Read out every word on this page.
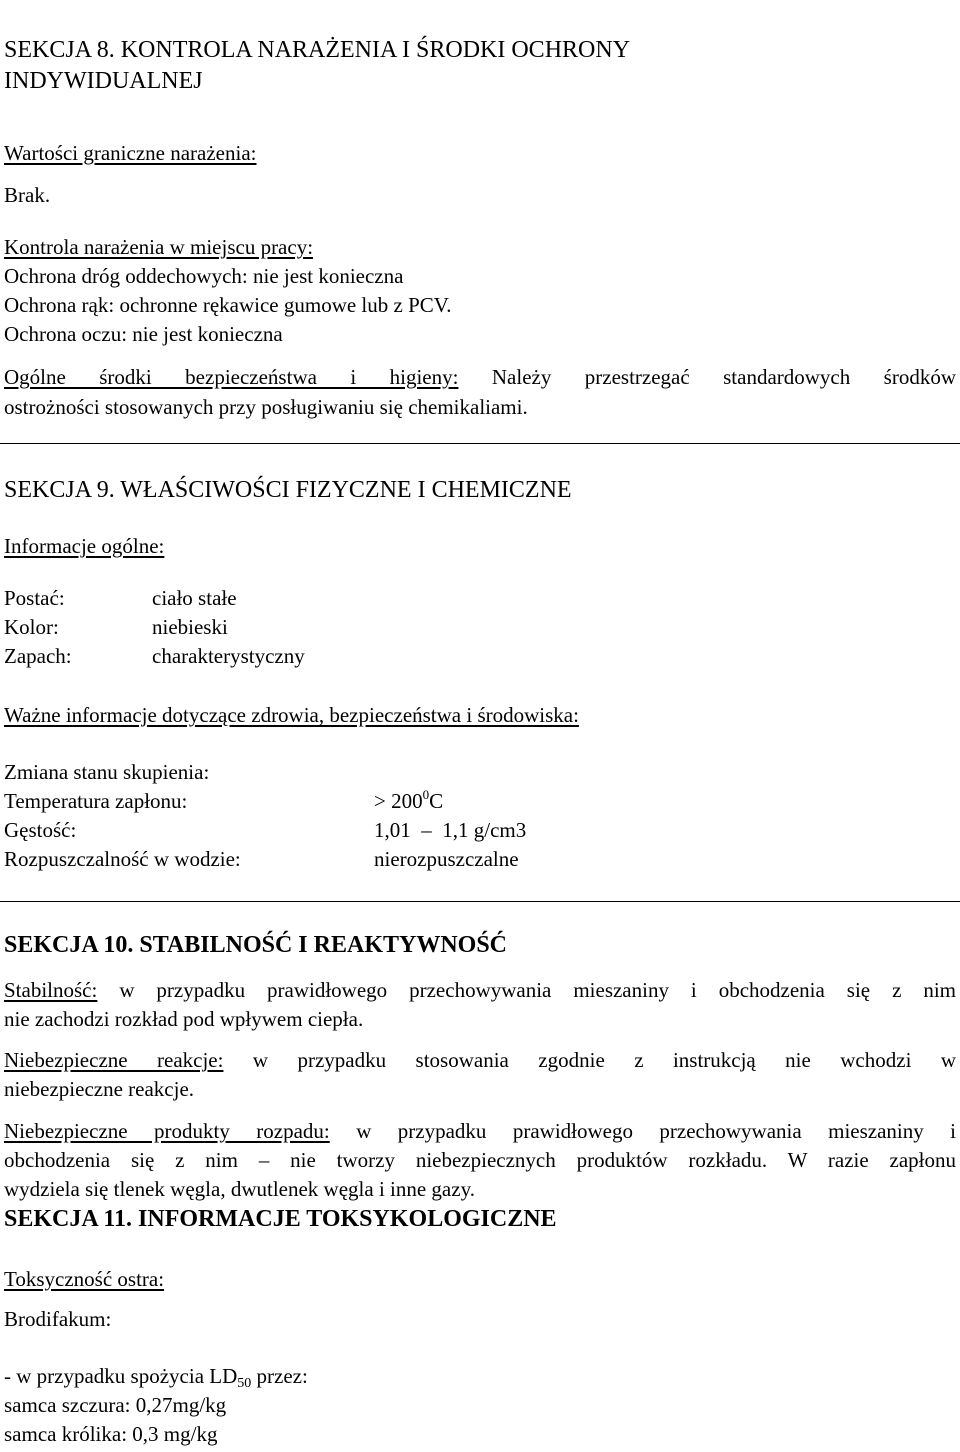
SEKCJA 8. KONTROLA NARAŻENIA I ŚRODKI OCHRONY
INDYWIDUALNEJ
Wartości graniczne narażenia:
Brak.
Kontrola narażenia w miejscu pracy:
Ochrona dróg oddechowych: nie jest konieczna
Ochrona rąk: ochronne rękawice gumowe lub z PCV.
Ochrona oczu: nie jest konieczna
Ogólne środki bezpieczeństwa i higieny: Należy przestrzegać standardowych środków
ostrożności stosowanych przy posługiwaniu się chemikaliami.
SEKCJA 9. WŁAŚCIWOŚCI FIZYCZNE I CHEMICZNE
Informacje ogólne:
Postać:	ciało stałe
Kolor:	niebieski
Zapach:	charakterystyczny
Ważne informacje dotyczące zdrowia, bezpieczeństwa i środowiska:
Zmiana stanu skupienia:
Temperatura zapłonu:	> $200^0C$
Gęstość:	1,01  –  1,1 g/cm3
Rozpuszczalność w wodzie:	nierozpuszczalne
SEKCJA 10. STABILNOŚĆ I REAKTYWNOŚĆ
Stabilność: w przypadku prawidłowego przechowywania mieszaniny i obchodzenia się z nim
nie zachodzi rozkład pod wpływem ciepła.
Niebezpieczne reakcje: w przypadku stosowania zgodnie z instrukcją nie wchodzi w
niebezpieczne reakcje.
Niebezpieczne produkty rozpadu: w przypadku prawidłowego przechowywania mieszaniny i
obchodzenia się z nim – nie tworzy niebezpiecznych produktów rozkładu. W razie zapłonu
wydziela się tlenek węgla, dwutlenek węgla i inne gazy.
SEKCJA 11. INFORMACJE TOKSYKOLOGICZNE
Toksyczność ostra:
Brodifakum:
- w przypadku spożycia $LD_{50}$ przez:
samca szczura: 0,27mg/kg
samca królika: 0,3 mg/kg
